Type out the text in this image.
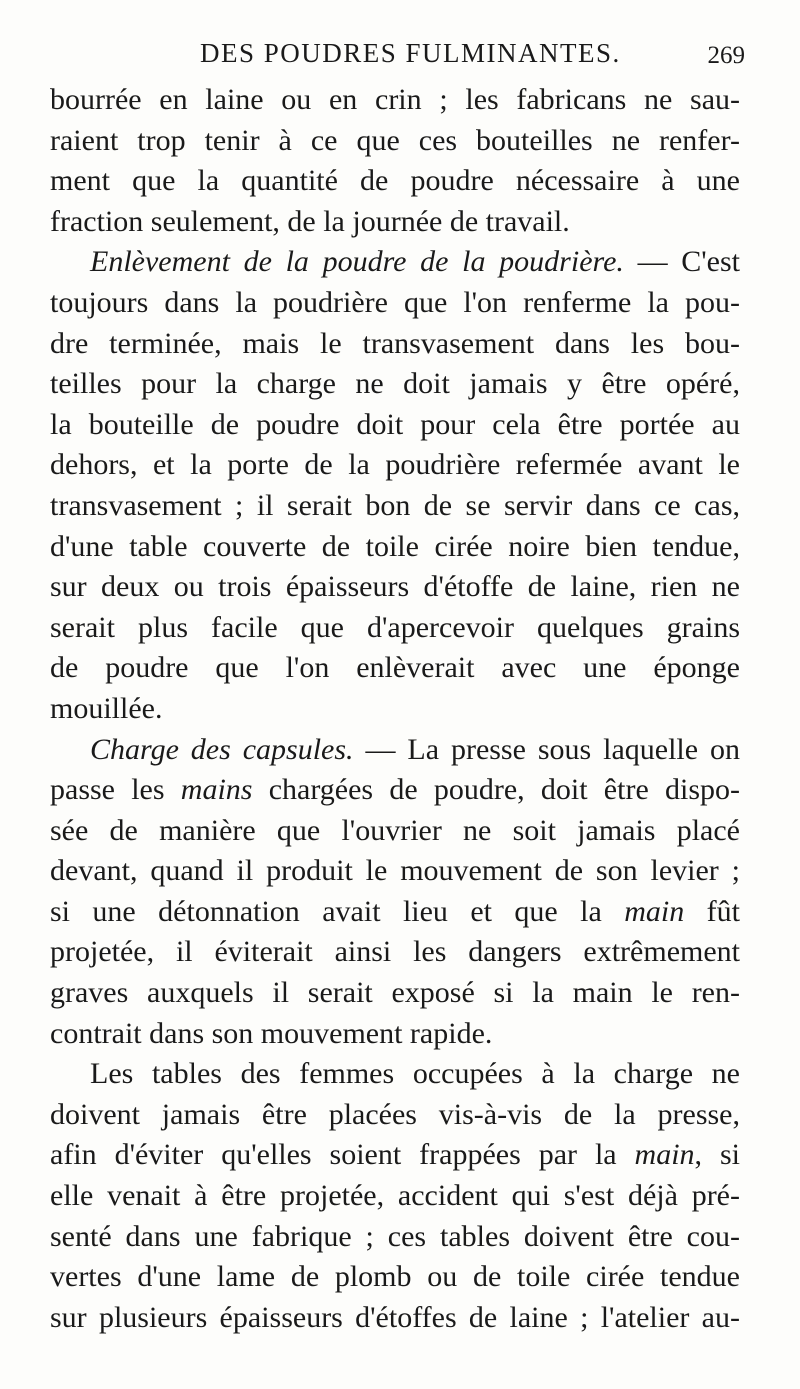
DES POUDRES FULMINANTES.	269
bourrée en laine ou en crin ; les fabricans ne sau-
raient trop tenir à ce que ces bouteilles ne renfer-
ment que la quantité de poudre nécessaire à une
fraction seulement, de la journée de travail.
Enlèvement de la poudre de la poudrière. — C'est
toujours dans la poudrière que l'on renferme la pou-
dre terminée, mais le transvasement dans les bou-
teilles pour la charge ne doit jamais y être opéré,
la bouteille de poudre doit pour cela être portée au
dehors, et la porte de la poudrière refermée avant le
transvasement ; il serait bon de se servir dans ce cas,
d'une table couverte de toile cirée noire bien tendue,
sur deux ou trois épaisseurs d'étoffe de laine, rien ne
serait plus facile que d'apercevoir quelques grains
de poudre que l'on enlèverait avec une éponge
mouillée.
Charge des capsules. — La presse sous laquelle on
passe les mains chargées de poudre, doit être dispo-
sée de manière que l'ouvrier ne soit jamais placé
devant, quand il produit le mouvement de son levier ;
si une détonnation avait lieu et que la main fût
projetée, il éviterait ainsi les dangers extrêmement
graves auxquels il serait exposé si la main le ren-
contrait dans son mouvement rapide.
Les tables des femmes occupées à la charge ne
doivent jamais être placées vis-à-vis de la presse,
afin d'éviter qu'elles soient frappées par la main, si
elle venait à être projetée, accident qui s'est déjà pré-
senté dans une fabrique ; ces tables doivent être cou-
vertes d'une lame de plomb ou de toile cirée tendue
sur plusieurs épaisseurs d'étoffes de laine ; l'atelier au-
